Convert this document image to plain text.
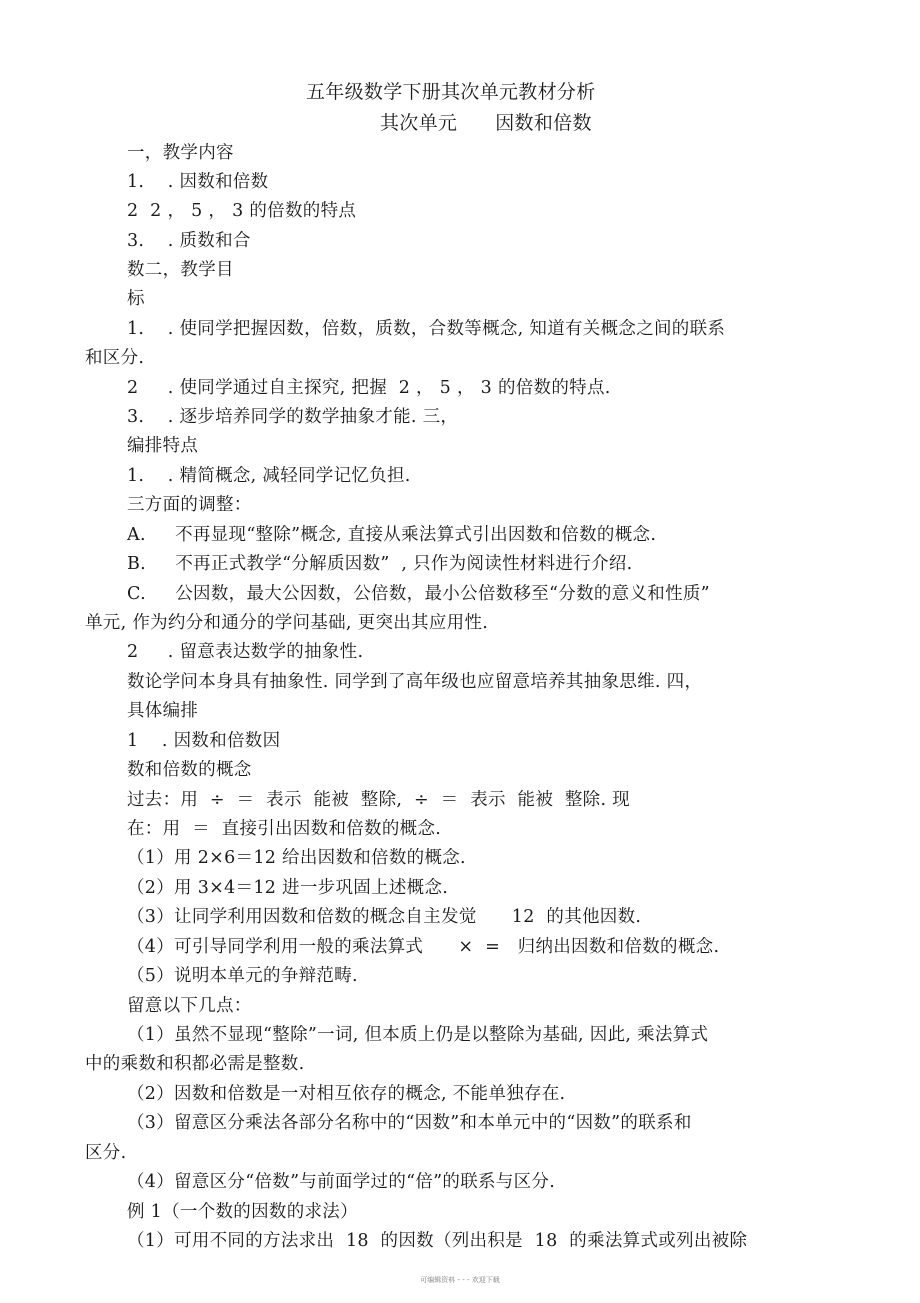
五年级数学下册其次单元教材分析
其次单元      因数和倍数
一，教学内容
1.    . 因数和倍数
2  2 ， 5 ， 3 的倍数的特点
3.    . 质数和合
数二，教学目
标
1.    . 使同学把握因数，倍数，质数，合数等概念, 知道有关概念之间的联系
和区分.
2     . 使同学通过自主探究, 把握  2 ， 5 ， 3 的倍数的特点.
3.    . 逐步培养同学的数学抽象才能. 三，
编排特点
1.    . 精简概念, 减轻同学记忆负担.
三方面的调整：
A.     不再显现“整除”概念, 直接从乘法算式引出因数和倍数的概念.
B.     不再正式教学“分解质因数”  , 只作为阅读性材料进行介绍.
C.     公因数，最大公因数，公倍数，最小公倍数移至“分数的意义和性质”
单元, 作为约分和通分的学问基础, 更突出其应用性.
2     . 留意表达数学的抽象性.
数论学问本身具有抽象性. 同学到了高年级也应留意培养其抽象思维. 四，
具体编排
1    . 因数和倍数因
数和倍数的概念
过去：用  ÷  ＝  表示  能被  整除,  ÷  ＝  表示  能被  整除. 现
在：用  ＝  直接引出因数和倍数的概念.
（1）用 2×6＝12 给出因数和倍数的概念.
（2）用 3×4＝12 进一步巩固上述概念.
（3）让同学利用因数和倍数的概念自主发觉      12  的其他因数.
（4）可引导同学利用一般的乘法算式      ×  =   归纳出因数和倍数的概念.
（5）说明本单元的争辩范畴.
留意以下几点：
（1）虽然不显现“整除”一词, 但本质上仍是以整除为基础, 因此, 乘法算式
中的乘数和积都必需是整数.
（2）因数和倍数是一对相互依存的概念, 不能单独存在.
（3）留意区分乘法各部分名称中的“因数”和本单元中的“因数”的联系和
区分.
（4）留意区分“倍数”与前面学过的“倍”的联系与区分.
例 1（一个数的因数的求法）
（1）可用不同的方法求出  18  的因数（列出积是  18  的乘法算式或列出被除
可编辑资料 - - - 欢迎下载
